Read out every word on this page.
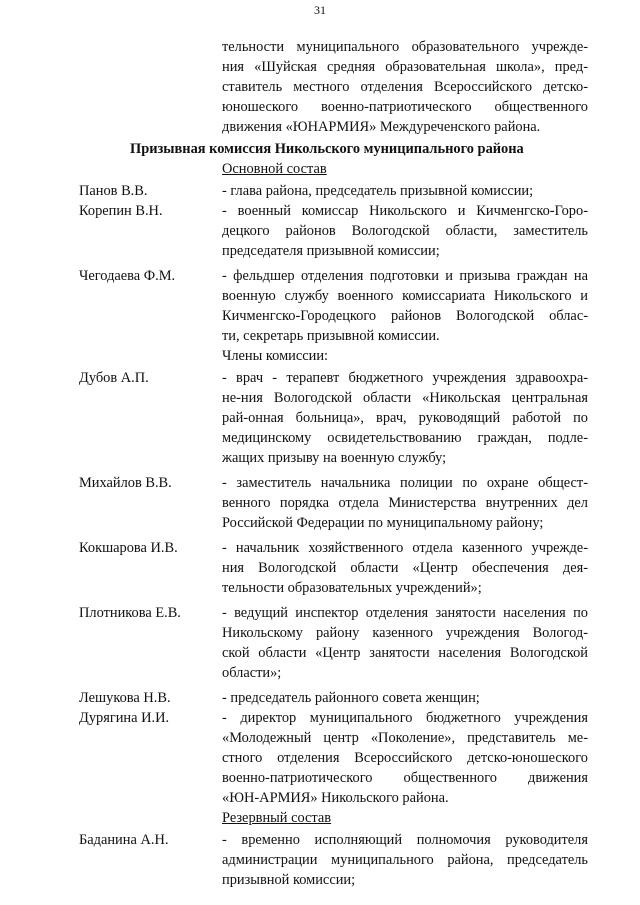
31
тельности муниципального образовательного учрежде-
ния «Шуйская средняя образовательная школа», пред-
ставитель местного отделения Всероссийского детско-
юношеского военно-патриотического общественного
движения «ЮНАРМИЯ» Междуреченского района.
Призывная комиссия Никольского муниципального района
Основной состав
Панов В.В.	- глава района, председатель призывной комиссии;
Корепин В.Н.	- военный комиссар Никольского и Кичменгско-Горо-
децкого районов Вологодской области, заместитель
председателя призывной комиссии;
Чегодаева Ф.М.	- фельдшер отделения подготовки и призыва граждан на
военную службу военного комиссариата Никольского и
Кичменгско-Городецкого районов Вологодской облас-
ти, секретарь призывной комиссии.
Члены комиссии:
Дубов А.П.	- врач - терапевт бюджетного учреждения здравоохра-
не-ния Вологодской области «Никольская центральная
рай-онная больница», врач, руководящий работой по
медицинскому освидетельствованию граждан, подле-
жащих призыву на военную службу;
Михайлов В.В.	- заместитель начальника полиции по охране общест-
венного порядка отдела Министерства внутренних дел
Российской Федерации по муниципальному району;
Кокшарова И.В.	- начальник хозяйственного отдела казенного учрежде-
ния Вологодской области «Центр обеспечения дея-
тельности образовательных учреждений»;
Плотникова Е.В.	- ведущий инспектор отделения занятости населения по
Никольскому району казенного учреждения Вологод-
ской области «Центр занятости населения Вологодской
области»;
Лешукова Н.В.	- председатель районного совета женщин;
Дурягина И.И.	- директор муниципального бюджетного учреждения
«Молодежный центр «Поколение», представитель ме-
стного отделения Всероссийского детско-юношеского
военно-патриотического общественного движения
«ЮН-АРМИЯ» Никольского района.
Резервный состав
Баданина А.Н.	- временно исполняющий полномочия руководителя
администрации муниципального района, председатель
призывной комиссии;
